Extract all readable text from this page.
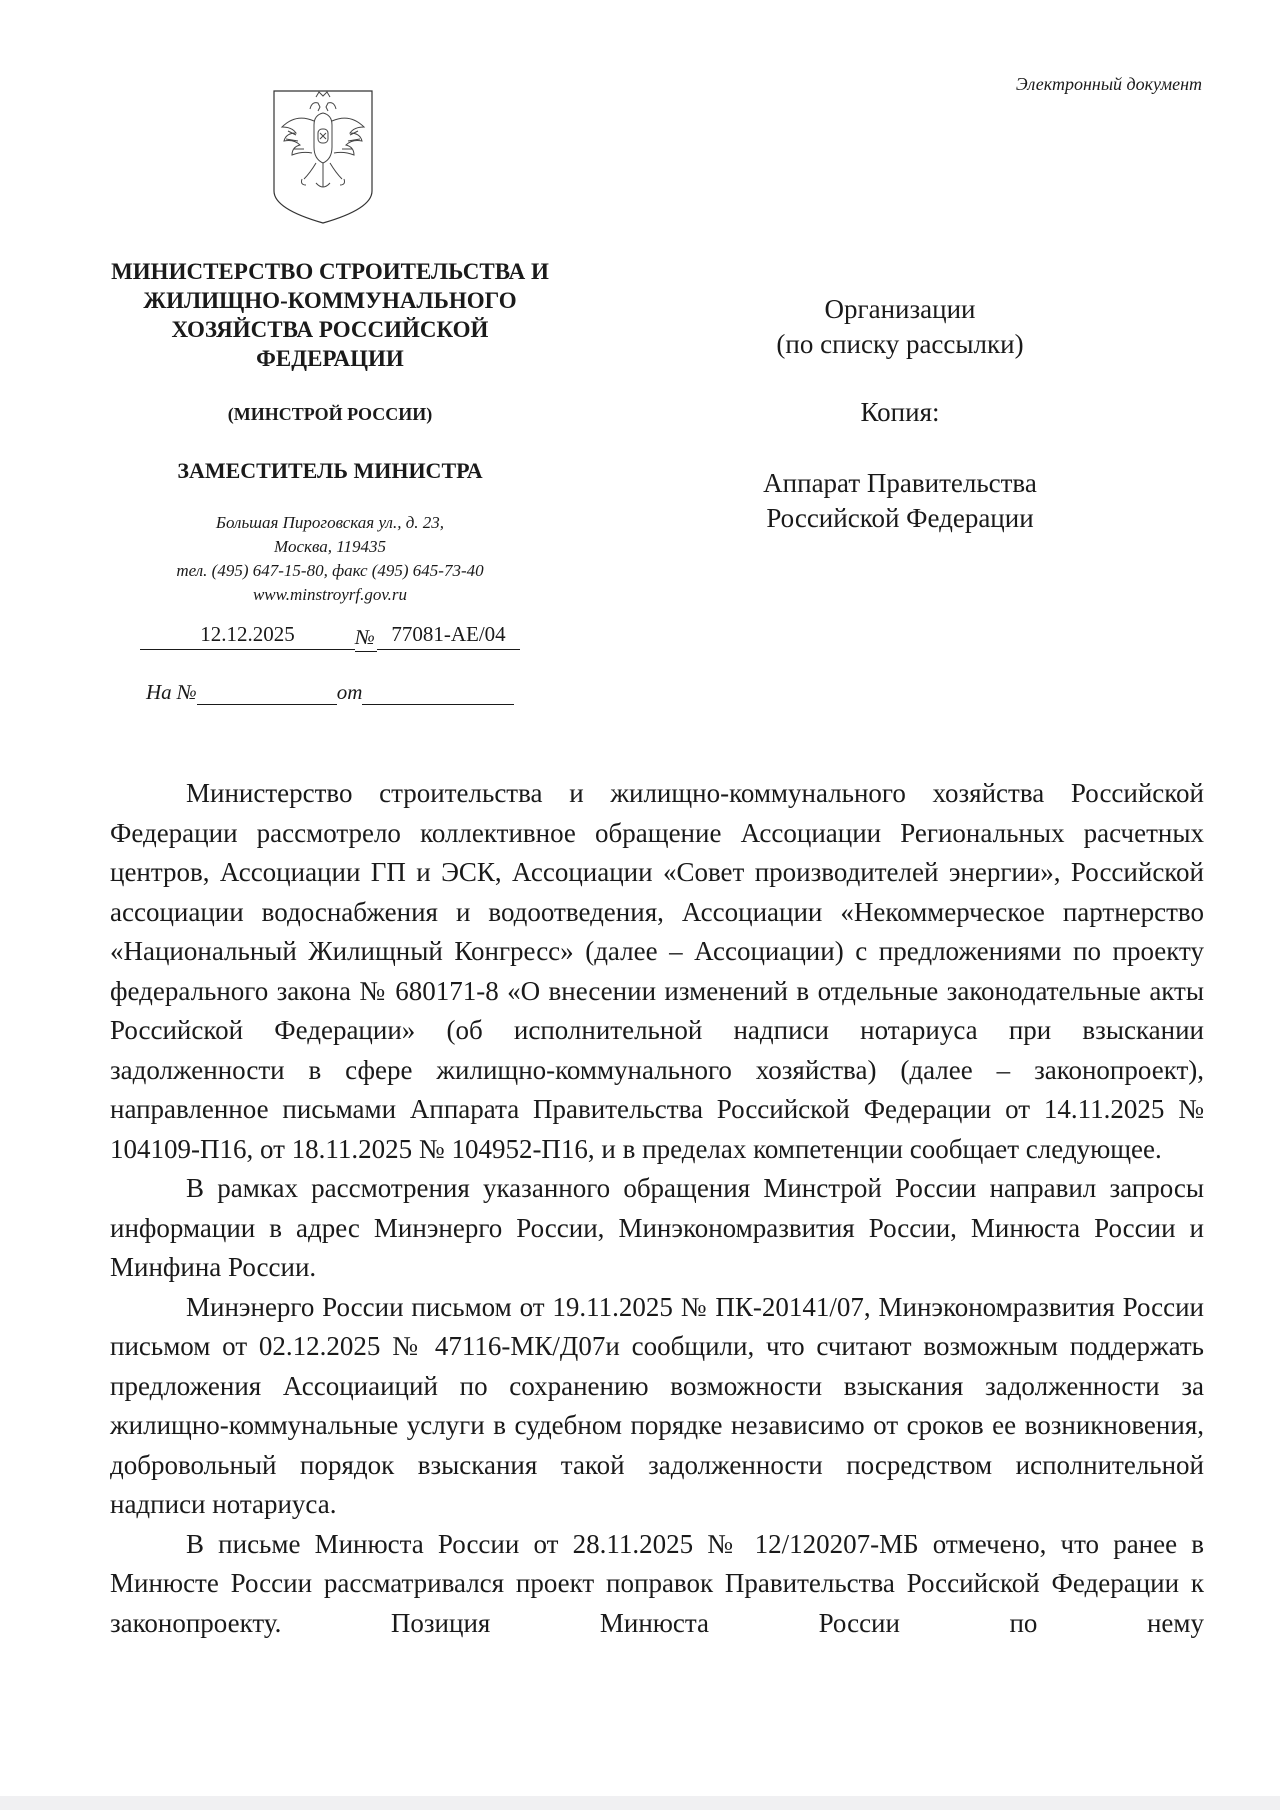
Электронный документ
МИНИСТЕРСТВО СТРОИТЕЛЬСТВА И ЖИЛИЩНО-КОММУНАЛЬНОГО ХОЗЯЙСТВА РОССИЙСКОЙ ФЕДЕРАЦИИ
(МИНСТРОЙ РОССИИ)
ЗАМЕСТИТЕЛЬ МИНИСТРА
Большая Пироговская ул., д. 23,
Москва, 119435
тел. (495) 647-15-80, факс (495) 645-73-40
www.minstroyrf.gov.ru
12.12.2025	№ 77081-АЕ/04
На №	от
Организации
(по списку рассылки)
Копия:
Аппарат Правительства
Российской Федерации

Министерство строительства и жилищно-коммунального хозяйства Российской Федерации рассмотрело коллективное обращение Ассоциации Региональных расчетных центров, Ассоциации ГП и ЭСК, Ассоциации «Совет производителей энергии», Российской ассоциации водоснабжения и водоотведения, Ассоциации «Некоммерческое партнерство «Национальный Жилищный Конгресс» (далее – Ассоциации) с предложениями по проекту федерального закона № 680171-8 «О внесении изменений в отдельные законодательные акты Российской Федерации» (об исполнительной надписи нотариуса при взыскании задолженности в сфере жилищно-коммунального хозяйства) (далее – законопроект), направленное письмами Аппарата Правительства Российской Федерации от 14.11.2025 № 104109-П16, от 18.11.2025 № 104952-П16, и в пределах компетенции сообщает следующее.

В рамках рассмотрения указанного обращения Минстрой России направил запросы информации в адрес Минэнерго России, Минэкономразвития России, Минюста России и Минфина России.

Минэнерго России письмом от 19.11.2025 № ПК-20141/07, Минэкономразвития России письмом от 02.12.2025 № 47116-МК/Д07и сообщили, что считают возможным поддержать предложения Ассоциаиций по сохранению возможности взыскания задолженности за жилищно-коммунальные услуги в судебном порядке независимо от сроков ее возникновения, добровольный порядок взыскания такой задолженности посредством исполнительной надписи нотариуса.

В письме Минюста России от 28.11.2025 № 12/120207-МБ отмечено, что ранее в Минюсте России рассматривался проект поправок Правительства Российской Федерации к законопроекту. Позиция Минюста России по нему
